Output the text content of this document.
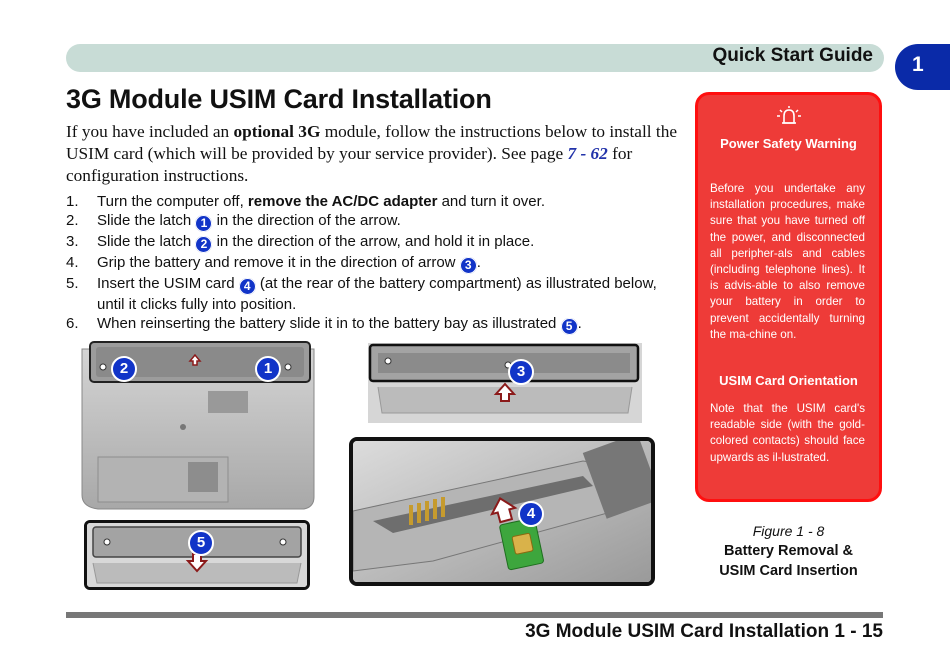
Quick Start Guide 1
3G Module USIM Card Installation

If you have included an optional 3G module, follow the instructions below to install the USIM card (which will be provided by your service provider). See page 7 - 62 for configuration instructions.

1. Turn the computer off, remove the AC/DC adapter and turn it over.
2. Slide the latch 1 in the direction of the arrow.
3. Slide the latch 2 in the direction of the arrow, and hold it in place.
4. Grip the battery and remove it in the direction of arrow 3 .
5. Insert the USIM card 4 (at the rear of the battery compartment) as illustrated below, until it clicks fully into position.
6. When reinserting the battery slide it in to the battery bay as illustrated 5 .
2	1	3
4
5
Power Safety Warning
Before you undertake any installation procedures, make sure that you have turned off the power, and disconnected all peripher-als and cables (including telephone lines). It is advis-able to also remove your battery in order to prevent accidentally turning the ma-chine on.
USIM Card Orientation
Note that the USIM card's readable side (with the gold-colored contacts) should face upwards as il-lustrated.
Figure 1 - 8
Battery Removal &
USIM Card Insertion
3G Module USIM Card Installation 1 - 15
